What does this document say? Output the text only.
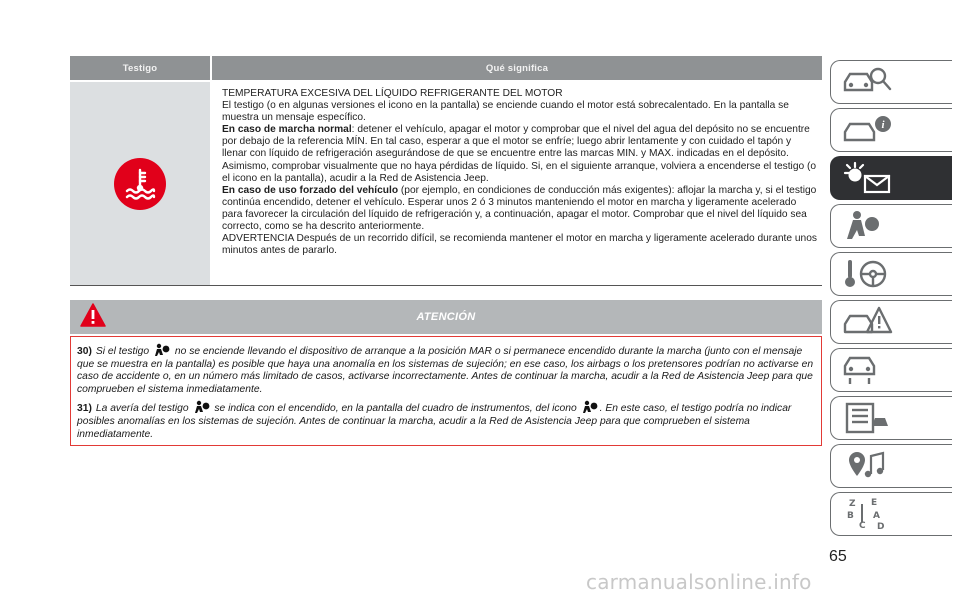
Testigo	Qué significa

TEMPERATURA EXCESIVA DEL LÍQUIDO REFRIGERANTE DEL MOTOR

El testigo (o en algunas versiones el icono en la pantalla) se enciende cuando el motor está sobrecalentado. En la pantalla se muestra un mensaje específico.

En caso de marcha normal: detener el vehículo, apagar el motor y comprobar que el nivel del agua del depósito no se encuentre por debajo de la referencia MÍN. En tal caso, esperar a que el motor se enfríe; luego abrir lentamente y con cuidado el tapón y llenar con líquido de refrigeración asegurándose de que se encuentre entre las marcas MIN. y MAX. indicadas en el depósito. Asimismo, comprobar visualmente que no haya pérdidas de líquido. Si, en el siguiente arranque, volviera a encenderse el testigo (o el icono en la pantalla), acudir a la Red de Asistencia Jeep.

En caso de uso forzado del vehículo (por ejemplo, en condiciones de conducción más exigentes): aflojar la marcha y, si el testigo continúa encendido, detener el vehículo. Esperar unos 2 ó 3 minutos manteniendo el motor en marcha y ligeramente acelerado para favorecer la circulación del líquido de refrigeración y, a continuación, apagar el motor. Comprobar que el nivel del líquido sea correcto, como se ha descrito anteriormente.

ADVERTENCIA Después de un recorrido difícil, se recomienda mantener el motor en marcha y ligeramente acelerado durante unos minutos antes de pararlo.

ATENCIÓN

30) Si el testigo	no se enciende llevando el dispositivo de arranque a la posición MAR o si permanece encendido durante la marcha (junto con el mensaje que se muestra en la pantalla) es posible que haya una anomalía en los sistemas de sujeción; en ese caso, los airbags o los pretensores podrían no activarse en caso de accidente o, en un número más limitado de casos, activarse incorrectamente. Antes de continuar la marcha, acudir a la Red de Asistencia Jeep para que comprueben el sistema inmediatamente.

31) La avería del testigo	se indica con el encendido, en la pantalla del cuadro de instrumentos, del icono . En este caso, el testigo podría no indicar posibles anomalías en los sistemas de sujeción. Antes de continuar la marcha, acudir a la Red de Asistencia Jeep para que comprueben el sistema inmediatamente.

i
Z E
B A
C D
65
carmanualsonline.info
